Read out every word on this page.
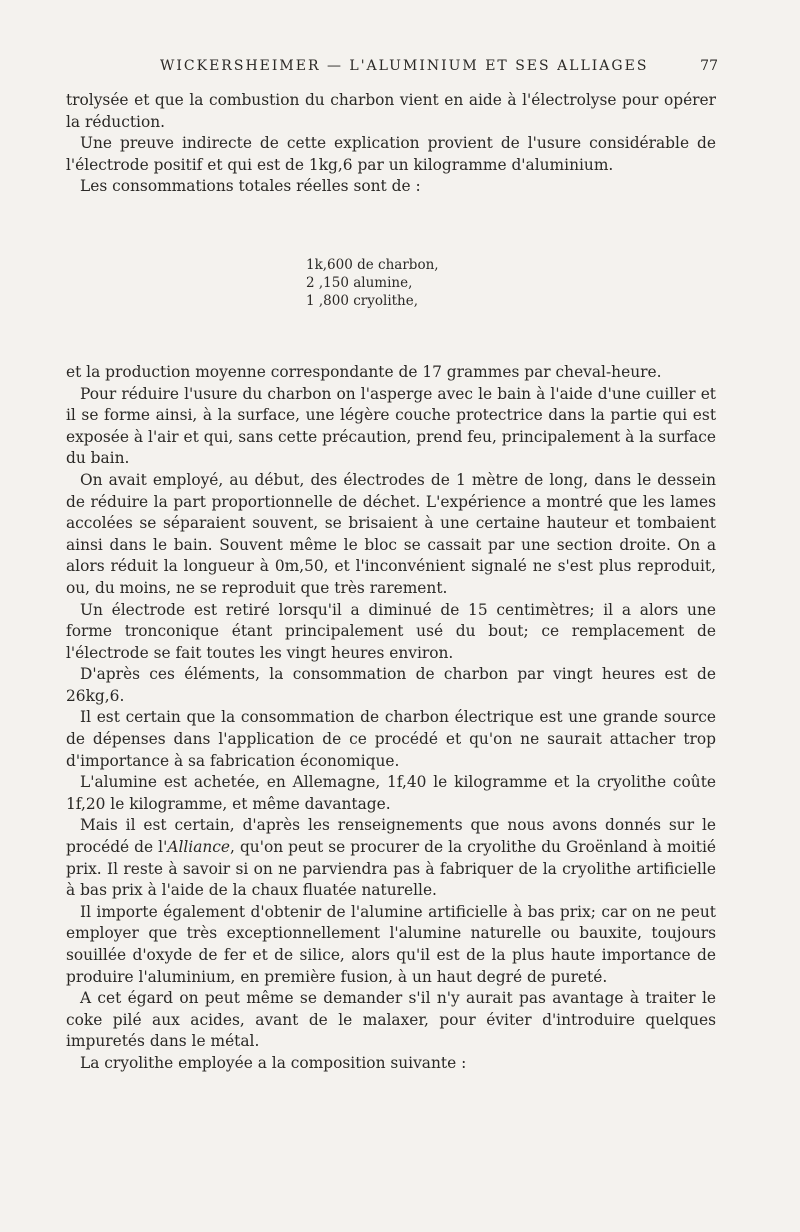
WICKERSHEIMER — L'ALUMINIUM ET SES ALLIAGES	77

trolysée et que la combustion du charbon vient en aide à l'électrolyse pour opérer la réduction.

Une preuve indirecte de cette explication provient de l'usure considérable de l'électrode positif et qui est de 1kg,6 par un kilogramme d'aluminium.

Les consommations totales réelles sont de :

1k,600 de charbon,
2 ,150 alumine,
1 ,800 cryolithe,

et la production moyenne correspondante de 17 grammes par cheval-heure.

Pour réduire l'usure du charbon on l'asperge avec le bain à l'aide d'une cuiller et il se forme ainsi, à la surface, une légère couche protectrice dans la partie qui est exposée à l'air et qui, sans cette précaution, prend feu, principalement à la surface du bain.

On avait employé, au début, des électrodes de 1 mètre de long, dans le dessein de réduire la part proportionnelle de déchet. L'expérience a montré que les lames accolées se séparaient souvent, se brisaient à une certaine hauteur et tombaient ainsi dans le bain. Souvent même le bloc se cassait par une section droite. On a alors réduit la longueur à 0m,50, et l'inconvénient signalé ne s'est plus reproduit, ou, du moins, ne se reproduit que très rarement.

Un électrode est retiré lorsqu'il a diminué de 15 centimètres; il a alors une forme tronconique étant principalement usé du bout; ce remplacement de l'électrode se fait toutes les vingt heures environ.

D'après ces éléments, la consommation de charbon par vingt heures est de 26kg,6.

Il est certain que la consommation de charbon électrique est une grande source de dépenses dans l'application de ce procédé et qu'on ne saurait attacher trop d'importance à sa fabrication économique.

L'alumine est achetée, en Allemagne, 1f,40 le kilogramme et la cryolithe coûte 1f,20 le kilogramme, et même davantage.

Mais il est certain, d'après les renseignements que nous avons donnés sur le procédé de l'Alliance, qu'on peut se procurer de la cryolithe du Groënland à moitié prix. Il reste à savoir si on ne parviendra pas à fabriquer de la cryolithe artificielle à bas prix à l'aide de la chaux fluatée naturelle.

Il importe également d'obtenir de l'alumine artificielle à bas prix; car on ne peut employer que très exceptionnellement l'alumine naturelle ou bauxite, toujours souillée d'oxyde de fer et de silice, alors qu'il est de la plus haute importance de produire l'aluminium, en première fusion, à un haut degré de pureté.

A cet égard on peut même se demander s'il n'y aurait pas avantage à traiter le coke pilé aux acides, avant de le malaxer, pour éviter d'introduire quelques impuretés dans le métal.

La cryolithe employée a la composition suivante :
